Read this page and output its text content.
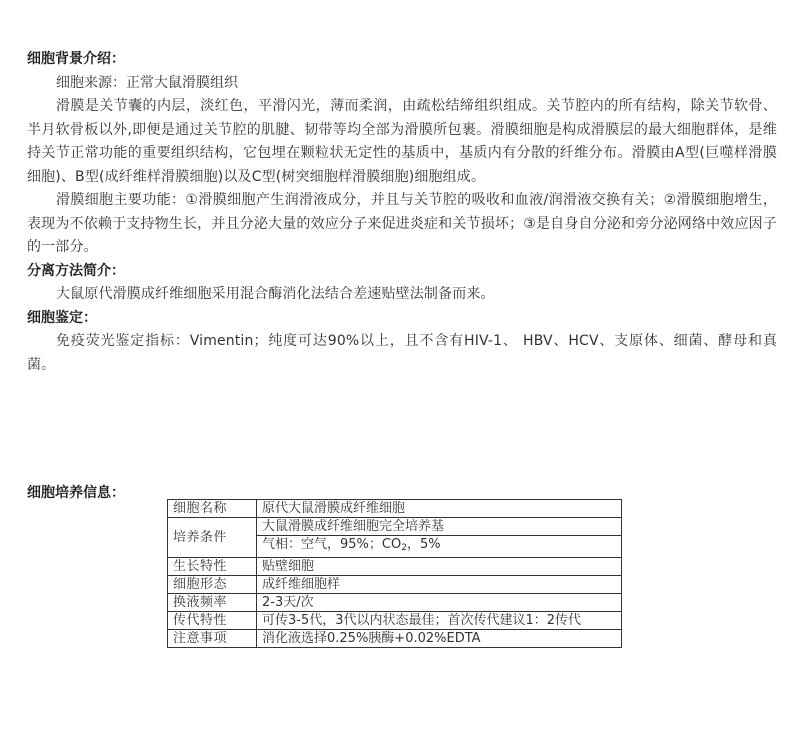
细胞背景介绍：

细胞来源：正常大鼠滑膜组织

滑膜是关节囊的内层，淡红色，平滑闪光，薄而柔润，由疏松结缔组织组成。关节腔内的所有结构，除关节软骨、半月软骨板以外,即便是通过关节腔的肌腱、韧带等均全部为滑膜所包裹。滑膜细胞是构成滑膜层的最大细胞群体，是维持关节正常功能的重要组织结构，它包埋在颗粒状无定性的基质中，基质内有分散的纤维分布。滑膜由A型(巨噬样滑膜细胞)、B型(成纤维样滑膜细胞)以及C型(树突细胞样滑膜细胞)细胞组成。

滑膜细胞主要功能：①滑膜细胞产生润滑液成分，并且与关节腔的吸收和血液/润滑液交换有关；②滑膜细胞增生，表现为不依赖于支持物生长，并且分泌大量的效应分子来促进炎症和关节损坏；③是自身自分泌和旁分泌网络中效应因子的一部分。

分离方法简介：

大鼠原代滑膜成纤维细胞采用混合酶消化法结合差速贴壁法制备而来。

细胞鉴定：

免疫荧光鉴定指标：Vimentin；纯度可达90%以上，且不含有HIV-1、 HBV、HCV、支原体、细菌、酵母和真菌。

细胞培养信息：
细胞名称	原代大鼠滑膜成纤维细胞
培养条件	大鼠滑膜成纤维细胞完全培养基
	气相：空气，95%；$CO_2$，5%
生长特性	贴壁细胞
细胞形态	成纤维细胞样
换液频率	2-3天/次
传代特性	可传3-5代，3代以内状态最佳；首次传代建议1：2传代
注意事项	消化液选择0.25%胰酶+0.02%EDTA
